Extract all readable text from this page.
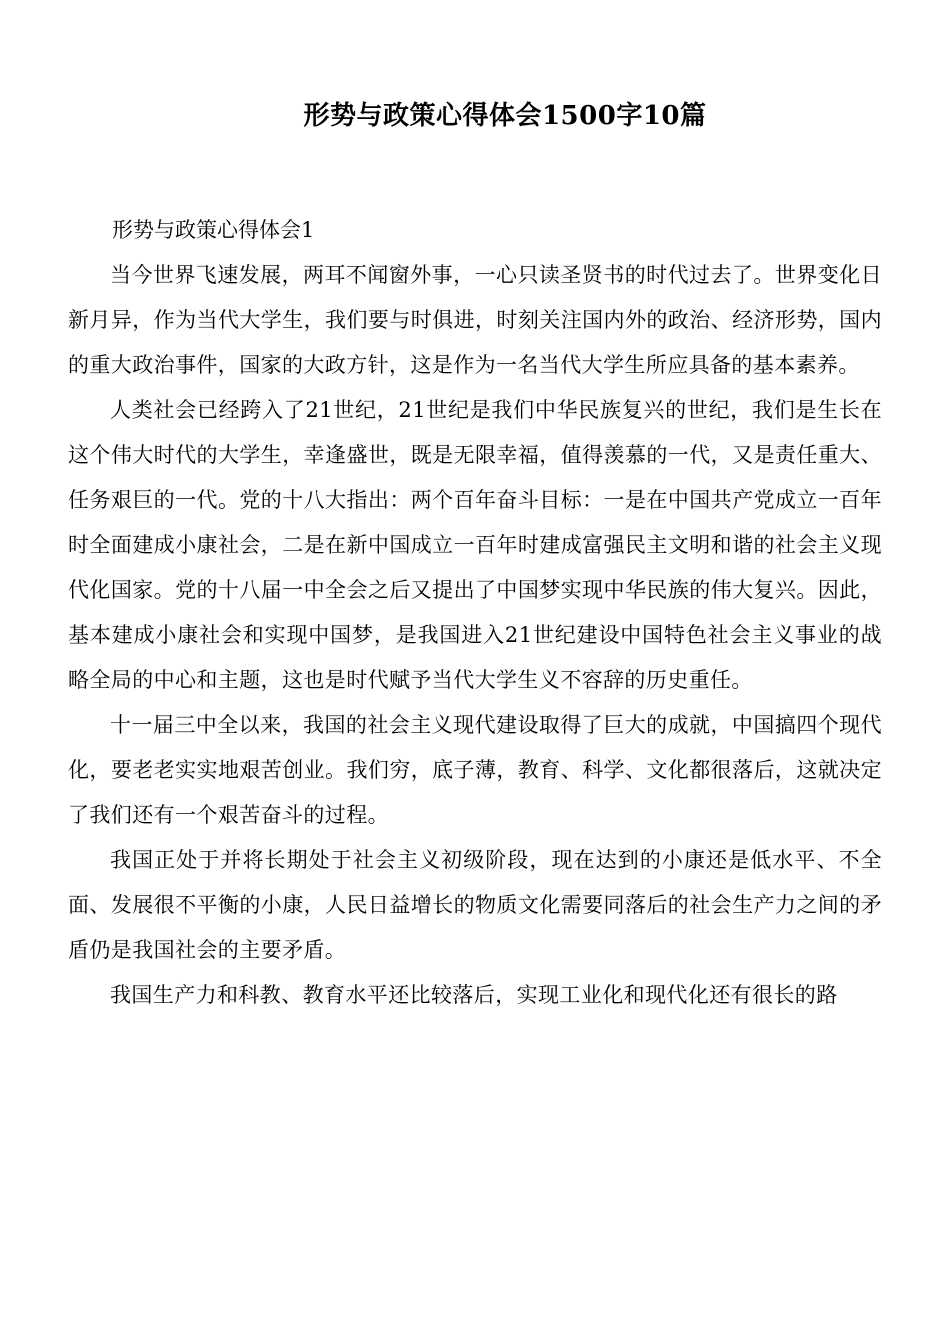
形势与政策心得体会1500字10篇

形势与政策心得体会1

当今世界飞速发展，两耳不闻窗外事，一心只读圣贤书的时代过去了。世界变化日新月异，作为当代大学生，我们要与时俱进，时刻关注国内外的政治、经济形势，国内的重大政治事件，国家的大政方针，这是作为一名当代大学生所应具备的基本素养。

人类社会已经跨入了21世纪，21世纪是我们中华民族复兴的世纪，我们是生长在这个伟大时代的大学生，幸逢盛世，既是无限幸福，值得羡慕的一代，又是责任重大、任务艰巨的一代。党的十八大指出：两个百年奋斗目标：一是在中国共产党成立一百年时全面建成小康社会，二是在新中国成立一百年时建成富强民主文明和谐的社会主义现代化国家。党的十八届一中全会之后又提出了中国梦实现中华民族的伟大复兴。因此，基本建成小康社会和实现中国梦，是我国进入21世纪建设中国特色社会主义事业的战略全局的中心和主题，这也是时代赋予当代大学生义不容辞的历史重任。

十一届三中全以来，我国的社会主义现代建设取得了巨大的成就，中国搞四个现代化，要老老实实地艰苦创业。我们穷，底子薄，教育、科学、文化都很落后，这就决定了我们还有一个艰苦奋斗的过程。

我国正处于并将长期处于社会主义初级阶段，现在达到的小康还是低水平、不全面、发展很不平衡的小康，人民日益增长的物质文化需要同落后的社会生产力之间的矛盾仍是我国社会的主要矛盾。

我国生产力和科教、教育水平还比较落后，实现工业化和现代化还有很长的路
